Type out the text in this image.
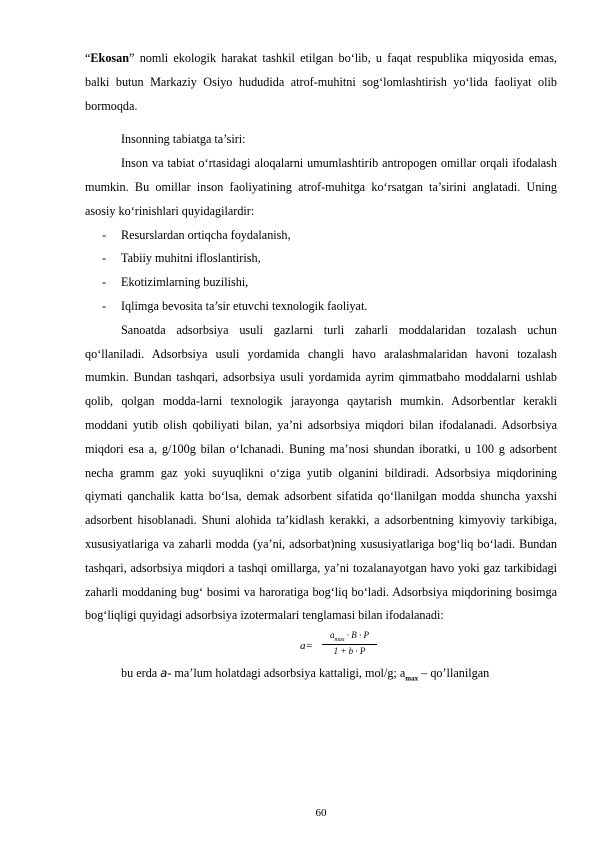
“Ekosan” nomli ekologik harakat tashkil etilgan bo‘lib, u faqat respublika miqyosida emas, balki butun Markaziy Osiyo hududida atrof-muhitni sog‘lomlashtirish yo‘lida faoliyat olib bormoqda.

Insonning tabiatga ta’siri:

Inson va tabiat o‘rtasidagi aloqalarni umumlashtirib antropogen omillar orqali ifodalash mumkin. Bu omillar inson faoliyatining atrof-muhitga ko‘rsatgan ta’sirini anglatadi. Uning asosiy ko‘rinishlari quyidagilardir:

- Resurslardan ortiqcha foydalanish,
- Tabiiy muhitni ifloslantirish,
- Ekotizimlarning buzilishi,
- Iqlimga bevosita ta’sir etuvchi texnologik faoliyat.

Sanoatda adsorbsiya usuli gazlarni turli zaharli moddalaridan tozalash uchun qo‘llaniladi. Adsorbsiya usuli yordamida changli havo aralashmalaridan havoni tozalash mumkin. Bundan tashqari, adsorbsiya usuli yordamida ayrim qimmatbaho moddalarni ushlab qolib, qolgan modda-larni texnologik jarayonga qaytarish mumkin. Adsorbentlar kerakli moddani yutib olish qobiliyati bilan, ya’ni adsorbsiya miqdori bilan ifodalanadi. Adsorbsiya miqdori esa a, g/100g bilan o‘lchanadi. Buning ma’nosi shundan iboratki, u 100 g adsorbent necha gramm gaz yoki suyuqlikni o‘ziga yutib olganini bildiradi. Adsorbsiya miqdorining qiymati qanchalik katta bo‘lsa, demak adsorbent sifatida qo‘llanilgan modda shuncha yaxshi adsorbent hisoblanadi. Shuni alohida ta’kidlash kerakki, a adsorbentning kimyoviy tarkibiga, xususiyatlariga va zaharli modda (ya’ni, adsorbat)ning xususiyatlariga bog‘liq bo‘ladi. Bundan tashqari, adsorbsiya miqdori a tashqi omillarga, ya’ni tozalanayotgan havo yoki gaz tarkibidagi zaharli moddaning bug‘ bosimi va haroratiga bog‘liq bo‘ladi. Adsorbsiya miqdorining bosimga bog‘liqligi quyidagi adsorbsiya izotermalari tenglamasi bilan ifodalanadi:

a=
$a_{max} \cdot B \cdot P$
1 + b · P

bu erda a- ma’lum holatdagi adsorbsiya kattaligi, mol/g; $a_{max}$ – qo’llanilgan

60
